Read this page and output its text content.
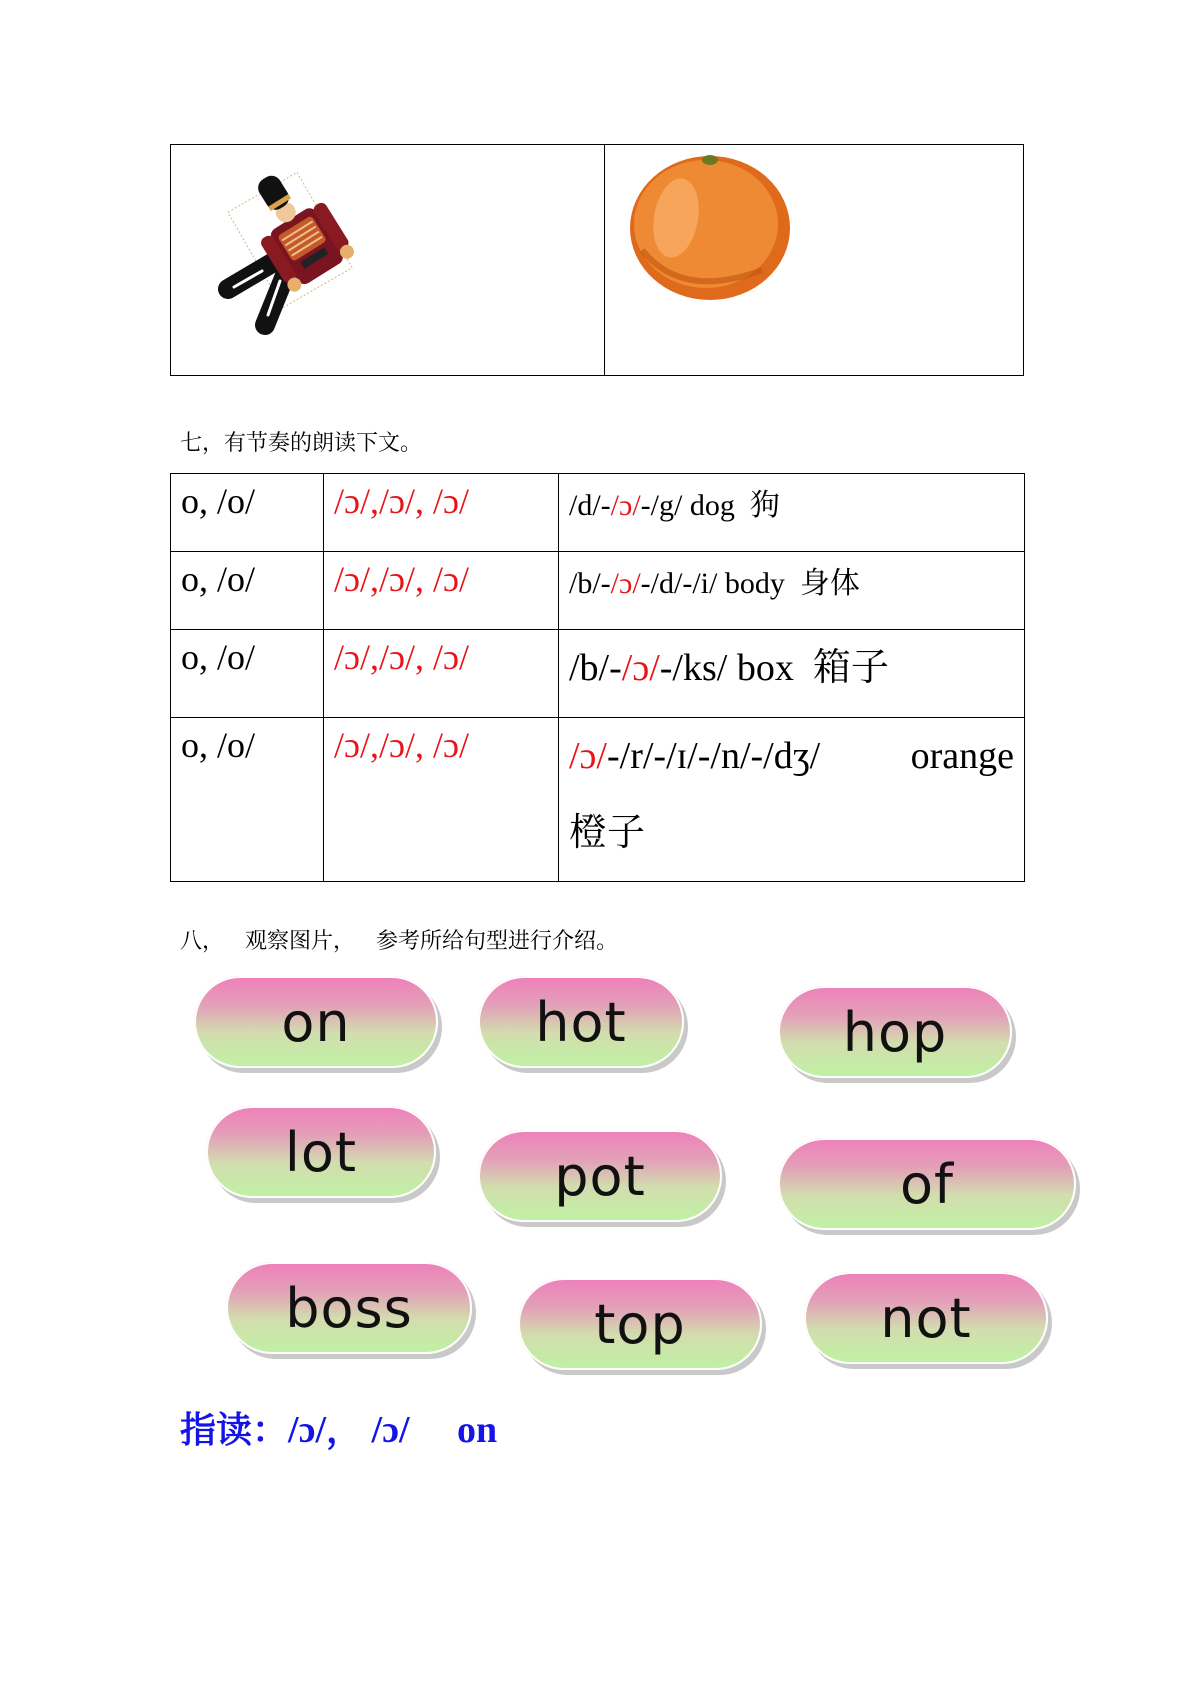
七，有节奏的朗读下文。
o, /o/	/ɔ/,/ɔ/, /ɔ/	/d/-/ɔ/-/g/ dog 狗
o, /o/	/ɔ/,/ɔ/, /ɔ/	/b/-/ɔ/-/d/-/i/ body 身体
o, /o/	/ɔ/,/ɔ/, /ɔ/	/b/-/ɔ/-/ks/ box 箱子
o, /o/	/ɔ/,/ɔ/, /ɔ/	/ɔ/-/r/-/ɪ/-/n/-/dʒ/ orange
橙子
八，   观察图片，   参考所给句型进行介绍。
on	hot	hop
lot	pot	of
boss	top	not
指读：/ɔ/， /ɔ/ on
